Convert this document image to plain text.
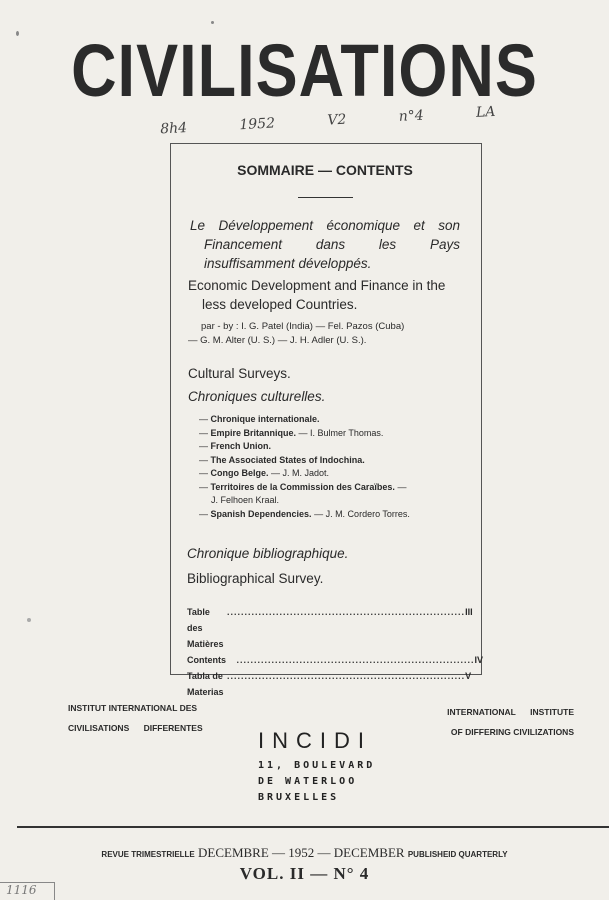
CIVILISATIONS
8h4 1952 V2 n°4 LA
SOMMAIRE — CONTENTS
Le Développement économique et son Financement dans les Pays insuffisamment développés.
Economic Development and Finance in the less developed Countries.
par - by : I. G. Patel (India) — Fel. Pazos (Cuba)
— G. M. Alter (U. S.) — J. H. Adler (U. S.).
Cultural Surveys.
Chroniques culturelles.
— Chronique internationale.
— Empire Britannique. — I. Bulmer Thomas.
— French Union.
— The Associated States of Indochina.
— Congo Belge. — J. M. Jadot.
— Territoires de la Commission des Caraïbes. —
J. Felhoen Kraal.
— Spanish Dependencies. — J. M. Cordero Torres.
Chronique bibliographique.
Bibliographical Survey.
Table des Matières
.................................................................... III
Contents .................................................................... IV
Tabla de Materias
.................................................................... V
INSTITUT INTERNATIONAL DES
CIVILISATIONS DIFFERENTES
INTERNATIONAL INSTITUTE
OF DIFFERING CIVILIZATIONS
INCIDI
11, BOULEVARD
DE WATERLOO
BRUXELLES
REVUE TRIMESTRIELLE DECEMBRE — 1952 — DECEMBER PUBLISHEID QUARTERLY
VOL. II — N° 4
1116
